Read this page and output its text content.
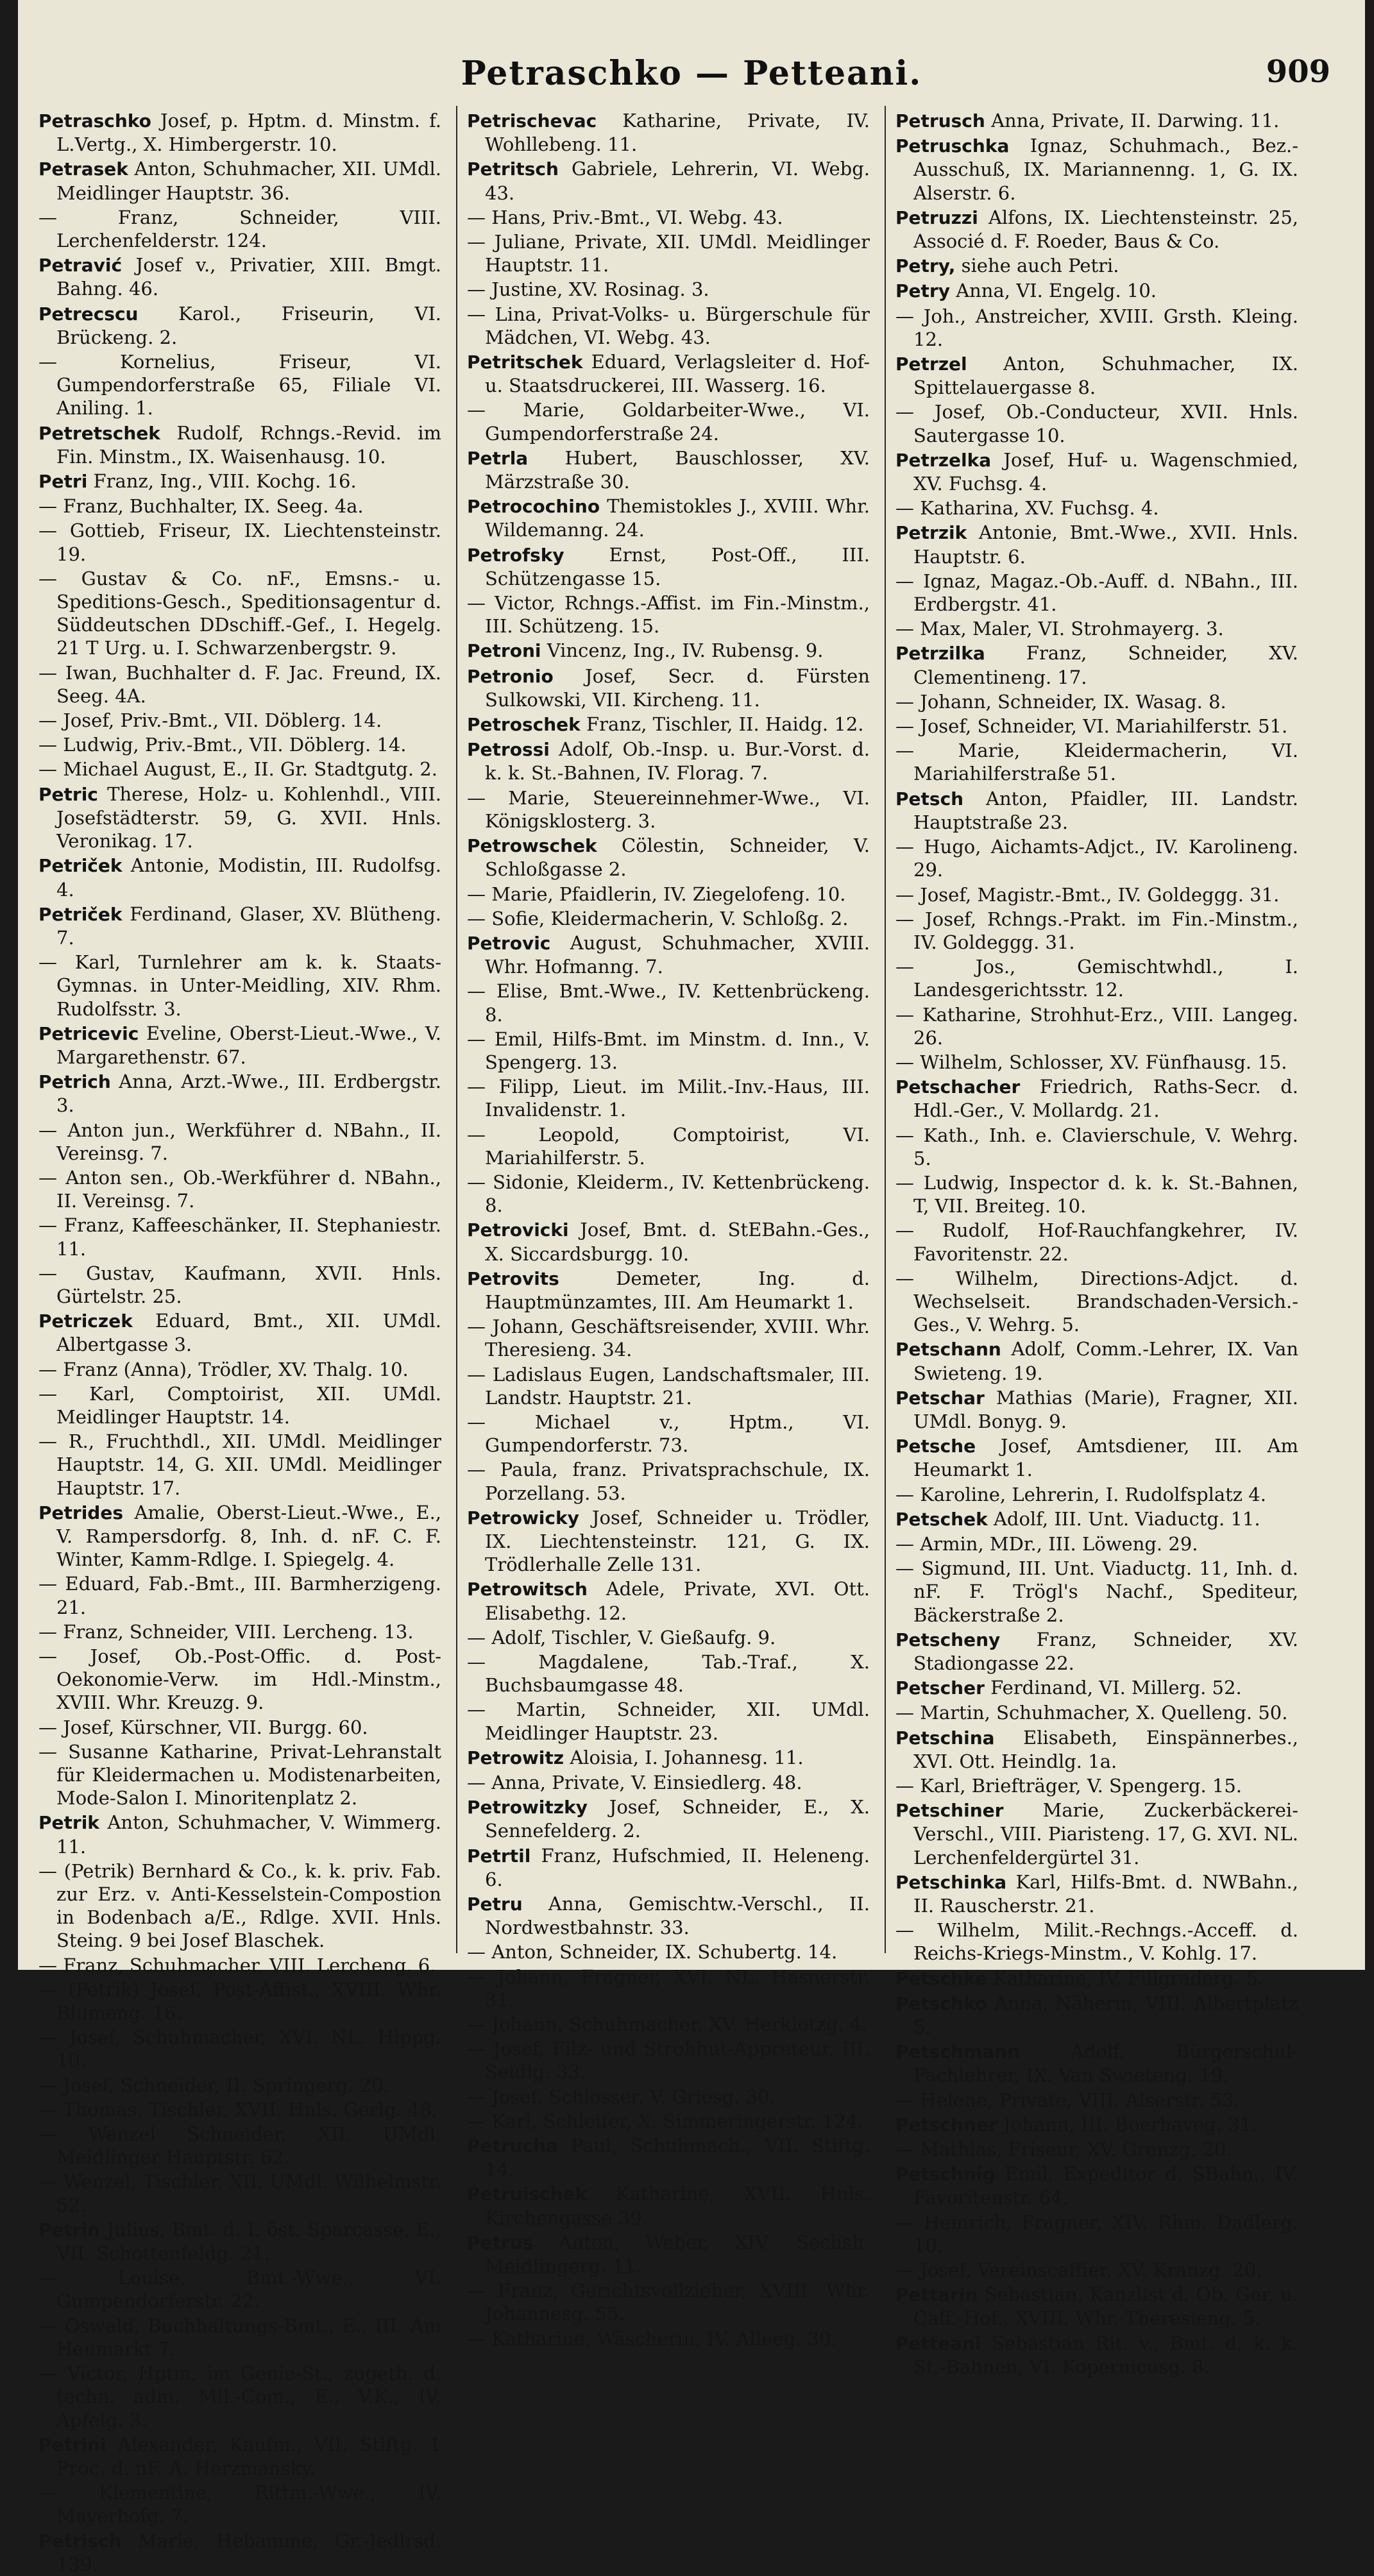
Petraschko — Petteani.	909
Petraschko Josef, p. Hptm. d. Minstm. f. L.Vertg., X. Himbergerstr. 10.
Petrasek Anton, Schuhmacher, XII. UMdl. Meidlinger Hauptstr. 36.
— Franz, Schneider, VIII. Lerchenfelderstr. 124.
Petravić Josef v., Privatier, XIII. Bmgt. Bahng. 46.
Petrecscu Karol., Friseurin, VI. Brückeng. 2.
— Kornelius, Friseur, VI. Gumpendorferstraße 65, Filiale VI. Aniling. 1.
Petretschek Rudolf, Rchngs.-Revid. im Fin. Minstm., IX. Waisenhausg. 10.
Petri Franz, Ing., VIII. Kochg. 16.
— Franz, Buchhalter, IX. Seeg. 4a.
— Gottieb, Friseur, IX. Liechtensteinstr. 19.
— Gustav & Co. nF., Emsns.- u. Speditions-Gesch., Speditionsagentur d. Süddeutschen DDschiff.-Gef., I. Hegelg. 21 T Urg. u. I. Schwarzenbergstr. 9.
— Iwan, Buchhalter d. F. Jac. Freund, IX. Seeg. 4A.
— Josef, Priv.-Bmt., VII. Döblerg. 14.
— Ludwig, Priv.-Bmt., VII. Döblerg. 14.
— Michael August, E., II. Gr. Stadtgutg. 2.
Petric Therese, Holz- u. Kohlenhdl., VIII. Josefstädterstr. 59, G. XVII. Hnls. Veronikag. 17.
Petriček Antonie, Modistin, III. Rudolfsg. 4.
Petriček Ferdinand, Glaser, XV. Blütheng. 7.
— Karl, Turnlehrer am k. k. Staats-Gymnas. in Unter-Meidling, XIV. Rhm. Rudolfsstr. 3.
Petricevic Eveline, Oberst-Lieut.-Wwe., V. Margarethenstr. 67.
Petrich Anna, Arzt.-Wwe., III. Erdbergstr. 3.
— Anton jun., Werkführer d. NBahn., II. Vereinsg. 7.
— Anton sen., Ob.-Werkführer d. NBahn., II. Vereinsg. 7.
— Franz, Kaffeeschänker, II. Stephaniestr. 11.
— Gustav, Kaufmann, XVII. Hnls. Gürtelstr. 25.
Petriczek Eduard, Bmt., XII. UMdl. Albertgasse 3.
— Franz (Anna), Trödler, XV. Thalg. 10.
— Karl, Comptoirist, XII. UMdl. Meidlinger Hauptstr. 14.
— R., Fruchthdl., XII. UMdl. Meidlinger Hauptstr. 14, G. XII. UMdl. Meidlinger Hauptstr. 17.
Petrides Amalie, Oberst-Lieut.-Wwe., E., V. Rampersdorfg. 8, Inh. d. nF. C. F. Winter, Kamm-Rdlge. I. Spiegelg. 4.
— Eduard, Fab.-Bmt., III. Barmherzigeng. 21.
— Franz, Schneider, VIII. Lercheng. 13.
— Josef, Ob.-Post-Offic. d. Post-Oekonomie-Verw. im Hdl.-Minstm., XVIII. Whr. Kreuzg. 9.
— Josef, Kürschner, VII. Burgg. 60.
— Susanne Katharine, Privat-Lehranstalt für Kleidermachen u. Modistenarbeiten, Mode-Salon I. Minoritenplatz 2.
Petrik Anton, Schuhmacher, V. Wimmerg. 11.
— (Petrik) Bernhard & Co., k. k. priv. Fab. zur Erz. v. Anti-Kesselstein-Compostion in Bodenbach a/E., Rdlge. XVII. Hnls. Steing. 9 bei Josef Blaschek.
— Franz, Schuhmacher, VIII. Lercheng. 6.
— (Petrik) Josef, Post-Affist., XVIII. Whr. Blumeng. 16.
— Josef, Schuhmacher, XVI. NL. Hippg. 10.
— Josef, Schneider, II. Springerg. 20.
— Thomas, Tischler, XVII. Hnls. Gerlg. 48.
— Wenzel Schneider, XII. UMdl. Meidlinger Hauptstr. 62.
— Wenzel, Tischler, XII. UMdl. Wilhelmstr. 52.
Petrin Julius, Bmt. d. I. öst. Sparcasse, E., VII. Schottenfeldg. 21.
— Louise, Bmt.-Wwe., VI. Gumpendorferstr. 22.
— Oswald, Buchhaltungs-Bmt., E., III. Am Heumarkt 7.
— Victor, Hptm. im Genie-St., zugeth. d. techn. adm. Mil.-Com., E., V.K., IV. Apfelg. 3.
Petrini Alexander, Kaufm., VII. Stiftg. 1 Proc. d. nF. A. Herzmansky.
— Klementine, Rittm.-Wwe., IV. Mayerhofg. 7.
Petrisch Marie, Hebamme, Gr.-Jedlrsd. 139.
Petrischevac Katharine, Private, IV. Wohllebeng. 11.
Petritsch Gabriele, Lehrerin, VI. Webg. 43.
— Hans, Priv.-Bmt., VI. Webg. 43.
— Juliane, Private, XII. UMdl. Meidlinger Hauptstr. 11.
— Justine, XV. Rosinag. 3.
— Lina, Privat-Volks- u. Bürgerschule für Mädchen, VI. Webg. 43.
Petritschek Eduard, Verlagsleiter d. Hof- u. Staatsdruckerei, III. Wasserg. 16.
— Marie, Goldarbeiter-Wwe., VI. Gumpendorferstraße 24.
Petrla Hubert, Bauschlosser, XV. Märzstraße 30.
Petrocochino Themistokles J., XVIII. Whr. Wildemanng. 24.
Petrofsky Ernst, Post-Off., III. Schützengasse 15.
— Victor, Rchngs.-Affist. im Fin.-Minstm., III. Schützeng. 15.
Petroni Vincenz, Ing., IV. Rubensg. 9.
Petronio Josef, Secr. d. Fürsten Sulkowski, VII. Kircheng. 11.
Petroschek Franz, Tischler, II. Haidg. 12.
Petrossi Adolf, Ob.-Insp. u. Bur.-Vorst. d. k. k. St.-Bahnen, IV. Florag. 7.
— Marie, Steuereinnehmer-Wwe., VI. Königsklosterg. 3.
Petrowschek Cölestin, Schneider, V. Schloßgasse 2.
— Marie, Pfaidlerin, IV. Ziegelofeng. 10.
— Sofie, Kleidermacherin, V. Schloßg. 2.
Petrovic August, Schuhmacher, XVIII. Whr. Hofmanng. 7.
— Elise, Bmt.-Wwe., IV. Kettenbrückeng. 8.
— Emil, Hilfs-Bmt. im Minstm. d. Inn., V. Spengerg. 13.
— Filipp, Lieut. im Milit.-Inv.-Haus, III. Invalidenstr. 1.
— Leopold, Comptoirist, VI. Mariahilferstr. 5.
— Sidonie, Kleiderm., IV. Kettenbrückeng. 8.
Petrovicki Josef, Bmt. d. StEBahn.-Ges., X. Siccardsburgg. 10.
Petrovits	Demeter, Ing. d. Hauptmünzamtes, III. Am Heumarkt 1.
— Johann, Geschäftsreisender, XVIII. Whr. Theresieng. 34.
— Ladislaus Eugen, Landschaftsmaler, III. Landstr. Hauptstr. 21.
— Michael v., Hptm., VI. Gumpendorferstr. 73.
— Paula, franz. Privatsprachschule, IX. Porzellang. 53.
Petrowicky Josef, Schneider u. Trödler, IX. Liechtensteinstr. 121, G. IX. Trödlerhalle Zelle 131.
Petrowitsch Adele, Private, XVI. Ott. Elisabethg. 12.
— Adolf, Tischler, V. Gießaufg. 9.
— Magdalene, Tab.-Traf., X. Buchsbaumgasse 48.
— Martin, Schneider, XII. UMdl. Meidlinger Hauptstr. 23.
Petrowitz Aloisia, I. Johannesg. 11.
— Anna, Private, V. Einsiedlerg. 48.
Petrowitzky Josef, Schneider, E., X. Sennefelderg. 2.
Petrtil Franz, Hufschmied, II. Heleneng. 6.
Petru Anna, Gemischtw.-Verschl., II. Nordwestbahnstr. 33.
— Anton, Schneider, IX. Schubertg. 14.
— Johann, Fragner, XVI. NL. Hasnerstr. 31.
— Johann, Schuhmacher, XV. Herklotzg. 4.
— Josef, Filz- und Strohhut-Appreteur, III. Seidlg. 33.
— Josef, Schlosser, V. Griesg. 30.
— Karl, Schleifer, X. Simmeringerstr. 124.
Petrucha Paul, Schuhmach., VII. Stiftg. 14.
Petruischek Katharine, XVII. Hnls. Kirchengasse 39.
Petrus Anton, Weber, XIV. Sechsh. Meidlingerg. 11.
— Franz, Gerichtsvollzieher, XVIII. Whr. Johannesg. 55.
— Katharine, Wäscherin, IV. Alleeg. 30.
Petrusch Anna, Private, II. Darwing. 11.
Petruschka Ignaz, Schuhmach., Bez.-Ausschuß, IX. Mariannenng. 1, G. IX. Alserstr. 6.
Petruzzi Alfons, IX. Liechtensteinstr. 25, Associé d. F. Roeder, Baus & Co.
Petry, siehe auch Petri.
Petry Anna, VI. Engelg. 10.
— Joh., Anstreicher, XVIII. Grsth. Kleing. 12.
Petrzel Anton, Schuhmacher, IX. Spittelauergasse 8.
— Josef, Ob.-Conducteur, XVII. Hnls. Sautergasse 10.
Petrzelka Josef, Huf- u. Wagenschmied, XV. Fuchsg. 4.
— Katharina, XV. Fuchsg. 4.
Petrzik Antonie, Bmt.-Wwe., XVII. Hnls. Hauptstr. 6.
— Ignaz, Magaz.-Ob.-Auff. d. NBahn., III. Erdbergstr. 41.
— Max, Maler, VI. Strohmayerg. 3.
Petrzilka Franz, Schneider, XV. Clementineng. 17.
— Johann, Schneider, IX. Wasag. 8.
— Josef, Schneider, VI. Mariahilferstr. 51.
— Marie, Kleidermacherin, VI. Mariahilferstraße 51.
Petsch Anton, Pfaidler, III. Landstr. Hauptstraße 23.
— Hugo, Aichamts-Adjct., IV. Karolineng. 29.
— Josef, Magistr.-Bmt., IV. Goldeggg. 31.
— Josef, Rchngs.-Prakt. im Fin.-Minstm., IV. Goldeggg. 31.
— Jos., Gemischtwhdl., I. Landesgerichtsstr. 12.
— Katharine, Strohhut-Erz., VIII. Langeg. 26.
— Wilhelm, Schlosser, XV. Fünfhausg. 15.
Petschacher Friedrich, Raths-Secr. d. Hdl.-Ger., V. Mollardg. 21.
— Kath., Inh. e. Clavierschule, V. Wehrg. 5.
— Ludwig, Inspector d. k. k. St.-Bahnen, T, VII. Breiteg. 10.
— Rudolf, Hof-Rauchfangkehrer, IV. Favoritenstr. 22.
— Wilhelm, Directions-Adjct. d. Wechselseit. Brandschaden-Versich.-Ges., V. Wehrg. 5.
Petschann Adolf, Comm.-Lehrer, IX. Van Swieteng. 19.
Petschar Mathias (Marie), Fragner, XII. UMdl. Bonyg. 9.
Petsche Josef, Amtsdiener, III. Am Heumarkt 1.
— Karoline, Lehrerin, I. Rudolfsplatz 4.
Petschek Adolf, III. Unt. Viaductg. 11.
— Armin, MDr., III. Löweng. 29.
— Sigmund, III. Unt. Viaductg. 11, Inh. d. nF. F. Trögl's Nachf., Spediteur, Bäckerstraße 2.
Petscheny Franz, Schneider, XV. Stadiongasse 22.
Petscher Ferdinand, VI. Millerg. 52.
— Martin, Schuhmacher, X. Quelleng. 50.
Petschina Elisabeth, Einspännerbes., XVI. Ott. Heindlg. 1a.
— Karl, Briefträger, V. Spengerg. 15.
Petschiner Marie, Zuckerbäckerei-Verschl., VIII. Piaristeng. 17, G. XVI. NL. Lerchenfeldergürtel 31.
Petschinka Karl, Hilfs-Bmt. d. NWBahn., II. Rauscherstr. 21.
— Wilhelm, Milit.-Rechngs.-Acceff. d. Reichs-Kriegs-Minstm., V. Kohlg. 17.
Petschke Katharine, IV. Fillgraderg. 5.
Petschko Anna, Näherin, VIII. Albertplatz 5.
Petschmann	Adolf, Bürgerschul-Fachlehrer, IX. Van Swieteng. 19.
— Helene, Private, VIII. Alserstr. 53.
Petschner Johann, III. Boerhaveg. 31.
— Mathias, Friseur, XV. Grenzg. 20.
Petschnig Emil, Expeditor d. SBahn., IV. Favoritenstr. 64.
— Heinrich, Fragner, XIV. Rhm. Dadlerg. 10.
— Josef, Vereinscaffier, XV. Kranzg. 20.
Pettarin Sebastian, Kanzlist d. Ob. Ger. u. Caff.-Hof., XVIII. Whr. Theresieng. 5.
Petteani Sebastian Rit. v., Bmt. d. k. k. St.-Bahnen, VI. Kopernicusg. 8.
